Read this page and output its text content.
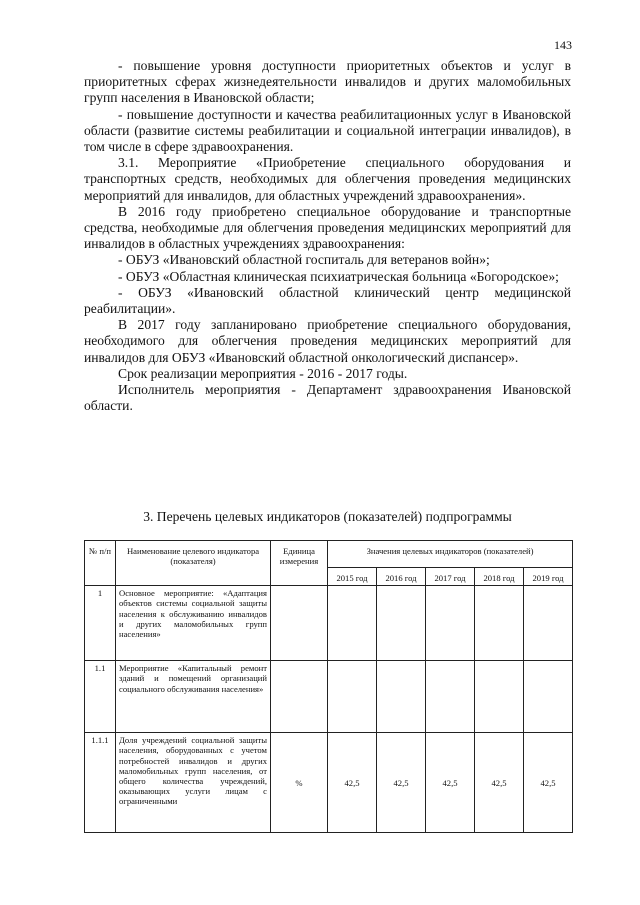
143

- повышение уровня доступности приоритетных объектов и услуг в приоритетных сферах жизнедеятельности инвалидов и других маломобильных групп населения в Ивановской области;

- повышение доступности и качества реабилитационных услуг в Ивановской области (развитие системы реабилитации и социальной интеграции инвалидов), в том числе в сфере здравоохранения.

3.1. Мероприятие «Приобретение специального оборудования и транспортных средств, необходимых для облегчения проведения медицинских мероприятий для инвалидов, для областных учреждений здравоохранения».

В 2016 году приобретено специальное оборудование и транспортные средства, необходимые для облегчения проведения медицинских мероприятий для инвалидов в областных учреждениях здравоохранения:

- ОБУЗ «Ивановский областной госпиталь для ветеранов войн»;

- ОБУЗ «Областная клиническая психиатрическая больница «Богородское»;

- ОБУЗ «Ивановский областной клинический центр медицинской реабилитации».

В 2017 году запланировано приобретение специального оборудования, необходимого для облегчения проведения медицинских мероприятий для инвалидов для ОБУЗ «Ивановский областной онкологический диспансер».

Срок реализации мероприятия - 2016 - 2017 годы.

Исполнитель мероприятия - Департамент здравоохранения Ивановской области.

3. Перечень целевых индикаторов (показателей) подпрограммы
№ п/п	Наименование целевого индикатора (показателя)	Единица измерения	Значения целевых индикаторов (показателей)				
			2015 год	2016 год	2017 год	2018 год	2019 год
1	Основное мероприятие: «Адаптация объектов системы социальной защиты населения к обслуживанию инвалидов и других маломобильных групп населения»						
1.1	Мероприятие «Капитальный ремонт зданий и помещений организаций социального обслуживания населения»						
1.1.1	Доля учреждений социальной защиты населения, оборудованных с учетом потребностей инвалидов и других маломобильных групп населения, от общего количества учреждений, оказывающих услуги лицам с ограниченными	%	42,5	42,5	42,5	42,5	42,5
